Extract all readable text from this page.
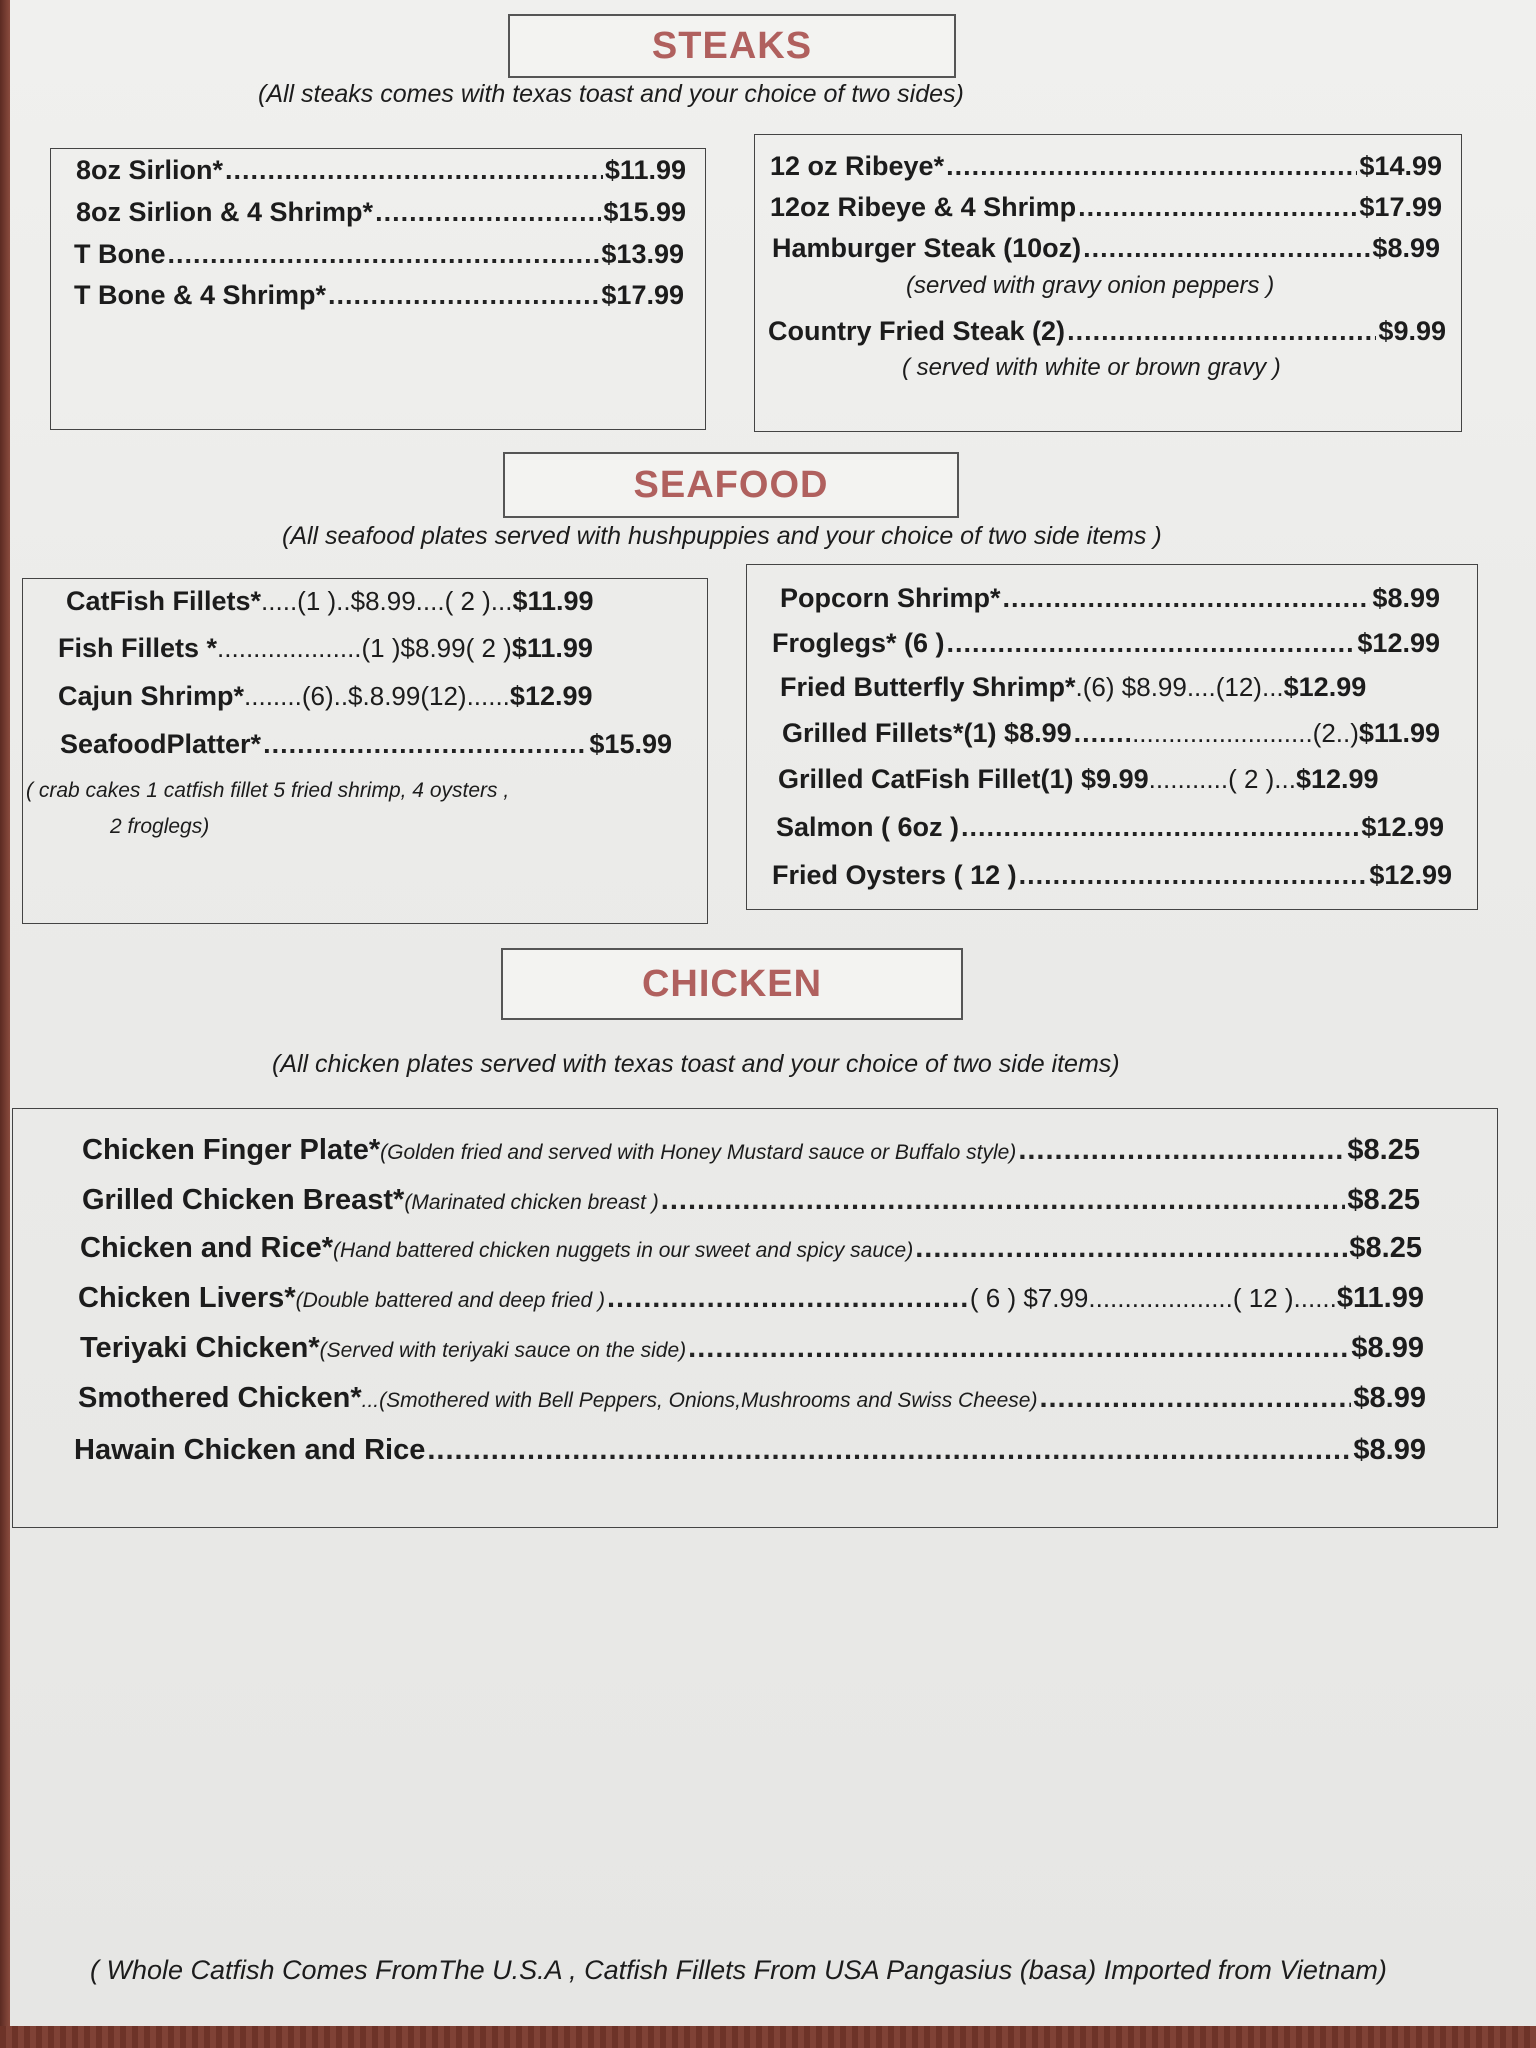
STEAKS
(All steaks comes with texas toast and your choice of two sides)
8oz Sirlion* .....	$11.99
8oz Sirlion & 4 Shrimp* .....	$15.99
T Bone .....	$13.99
T Bone & 4 Shrimp* .....	$17.99
12 oz Ribeye* .....	$14.99
12oz Ribeye & 4 Shrimp .....	$17.99
Hamburger Steak (10oz) .....	$8.99
(served with gravy onion peppers )
Country Fried Steak (2) .....	$9.99
( served with white or brown gravy )
SEAFOOD
(All seafood plates served with hushpuppies and your choice of two side items )
CatFish Fillets* .....(1 )..$8.99....( 2 )... $11.99
Fish Fillets * ....................(1 )$8.99( 2 ) $11.99
Cajun Shrimp* ........(6)..$.8.99(12)...... $12.99
SeafoodPlatter* .....	$15.99
( crab cakes 1 catfish fillet 5 fried shrimp, 4 oysters ,
2 froglegs)
Popcorn Shrimp* .....	$8.99
Froglegs* (6 ) .....	$12.99
Fried Butterfly Shrimp* .(6) $8.99....(12)... $12.99
Grilled Fillets*(1) $8.99 ..... .........................(2..) $11.99
Grilled CatFish Fillet(1) $9.99 ...........( 2 )... $12.99
Salmon ( 6oz ) .....	$12.99
Fried Oysters ( 12 ) .....	$12.99
CHICKEN
(All chicken plates served with texas toast and your choice of two side items)
Chicken Finger Plate* (Golden fried and served with Honey Mustard sauce or Buffalo style) .....	$8.25
Grilled Chicken Breast* (Marinated chicken breast ) .....	$8.25
Chicken and Rice* (Hand battered chicken nuggets in our sweet and spicy sauce) .....	$8.25
Chicken Livers* (Double battered and deep fried ) .....	( 6 ) $7.99....................( 12 )...... $11.99
Teriyaki Chicken* (Served with teriyaki sauce on the side) .....	$8.99
Smothered Chicken* ...(Smothered with Bell Peppers, Onions,Mushrooms and Swiss Cheese) .....	$8.99
Hawain Chicken and Rice .....	$8.99
( Whole Catfish Comes FromThe U.S.A , Catfish Fillets From USA Pangasius (basa) Imported from Vietnam)
